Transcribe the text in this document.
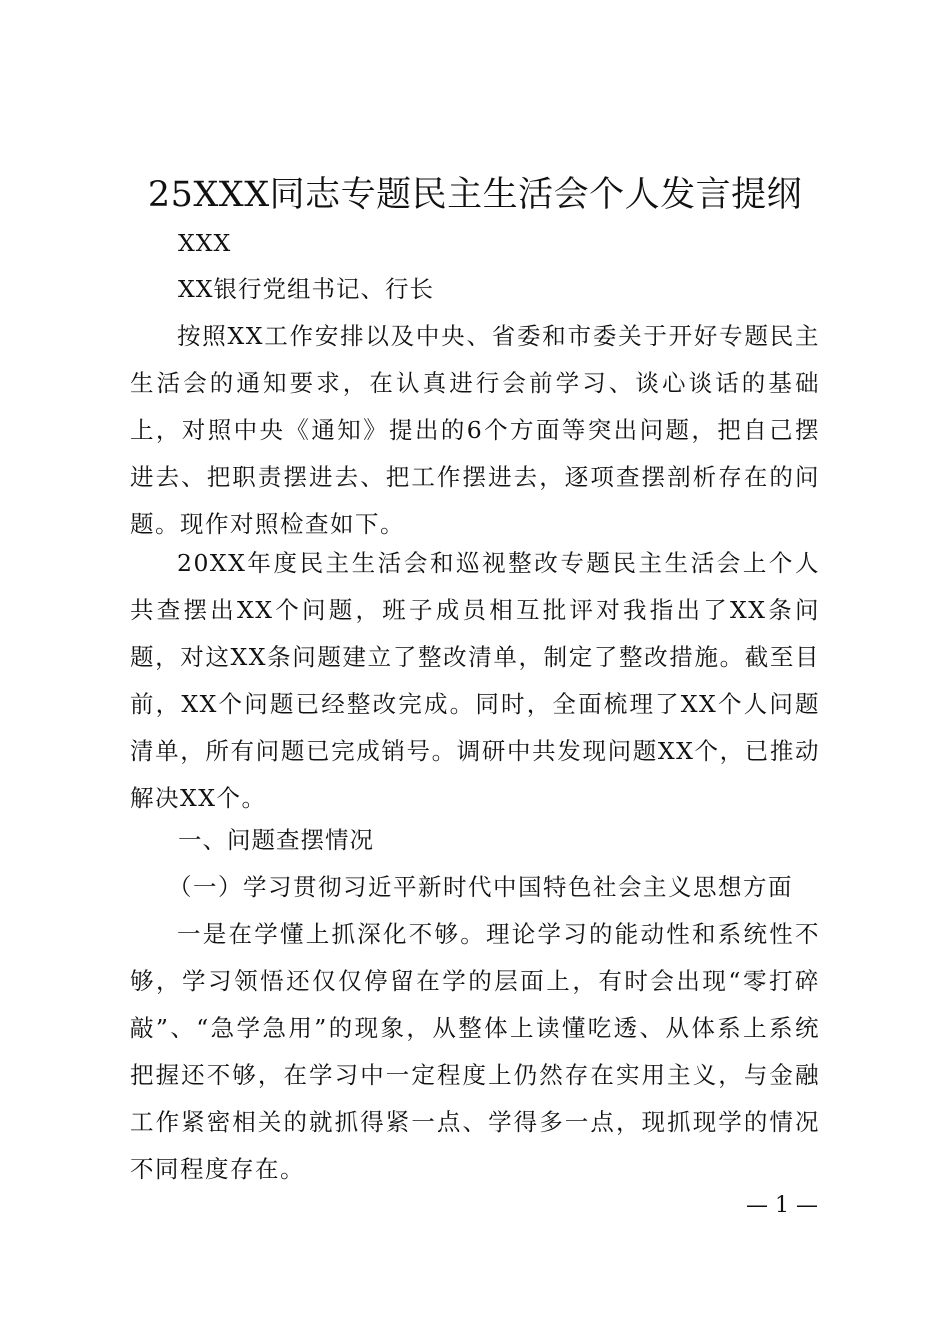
25XXX同志专题民主生活会个人发言提纲
XXX
XX银行党组书记、行长

按照XX工作安排以及中央、省委和市委关于开好专题民主生活会的通知要求，在认真进行会前学习、谈心谈话的基础上，对照中央《通知》提出的6个方面等突出问题，把自己摆进去、把职责摆进去、把工作摆进去，逐项查摆剖析存在的问题。现作对照检查如下。

20XX年度民主生活会和巡视整改专题民主生活会上个人共查摆出XX个问题，班子成员相互批评对我指出了XX条问题，对这XX条问题建立了整改清单，制定了整改措施。截至目前，XX个问题已经整改完成。同时，全面梳理了XX个人问题清单，所有问题已完成销号。调研中共发现问题XX个，已推动解决XX个。

一、问题查摆情况
（一）学习贯彻习近平新时代中国特色社会主义思想方面

一是在学懂上抓深化不够。理论学习的能动性和系统性不够，学习领悟还仅仅停留在学的层面上，有时会出现“零打碎敲”、“急学急用”的现象，从整体上读懂吃透、从体系上系统把握还不够，在学习中一定程度上仍然存在实用主义，与金融工作紧密相关的就抓得紧一点、学得多一点，现抓现学的情况不同程度存在。

— 1 —
